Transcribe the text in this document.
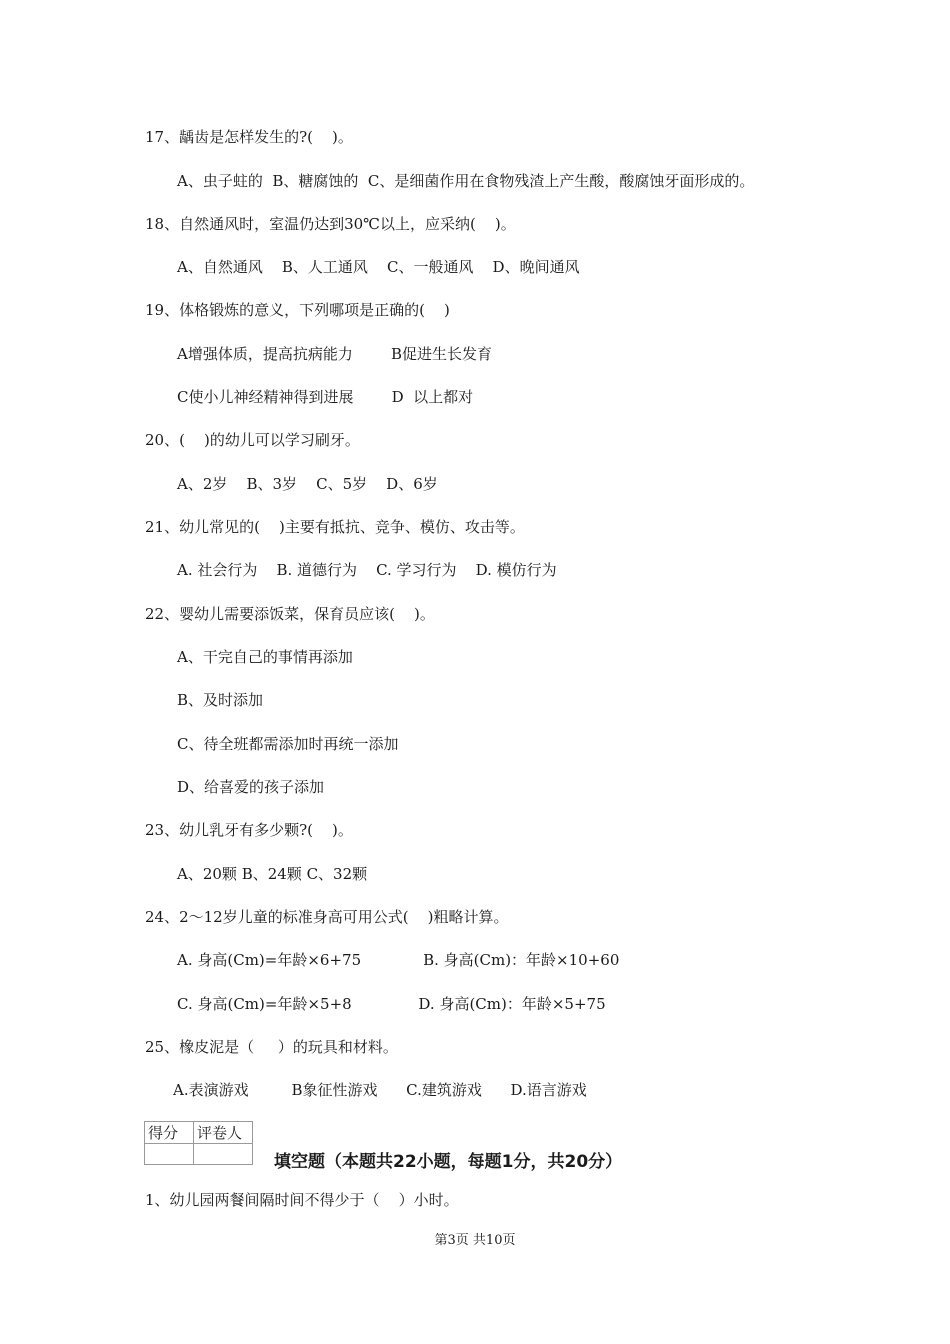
17、龋齿是怎样发生的?(    )。
A、虫子蛀的  B、糖腐蚀的  C、是细菌作用在食物残渣上产生酸，酸腐蚀牙面形成的。
18、自然通风时，室温仍达到30℃以上，应采纳(    )。
A、自然通风    B、人工通风    C、一般通风    D、晚间通风
19、体格锻炼的意义，下列哪项是正确的(    )
A增强体质，提高抗病能力        B促进生长发育
C使小儿神经精神得到进展        D  以上都对
20、(    )的幼儿可以学习刷牙。
A、2岁    B、3岁    C、5岁    D、6岁
21、幼儿常见的(    )主要有抵抗、竞争、模仿、攻击等。
A. 社会行为    B. 道德行为    C. 学习行为    D. 模仿行为
22、婴幼儿需要添饭菜，保育员应该(    )。
A、干完自己的事情再添加
B、及时添加
C、待全班都需添加时再统一添加
D、给喜爱的孩子添加
23、幼儿乳牙有多少颗?(    )。
A、20颗 B、24颗 C、32颗
24、2～12岁儿童的标准身高可用公式(    )粗略计算。
A. 身高(Cm)=年龄×6+75             B. 身高(Cm)：年龄×10+60
C. 身高(Cm)=年龄×5+8              D. 身高(Cm)：年龄×5+75
25、橡皮泥是（     ）的玩具和材料。
A.表演游戏         B象征性游戏      C.建筑游戏      D.语言游戏
得分	评卷人

填空题（本题共22小题，每题1分，共20分）
1、幼儿园两餐间隔时间不得少于（    ）小时。
第3页 共10页
